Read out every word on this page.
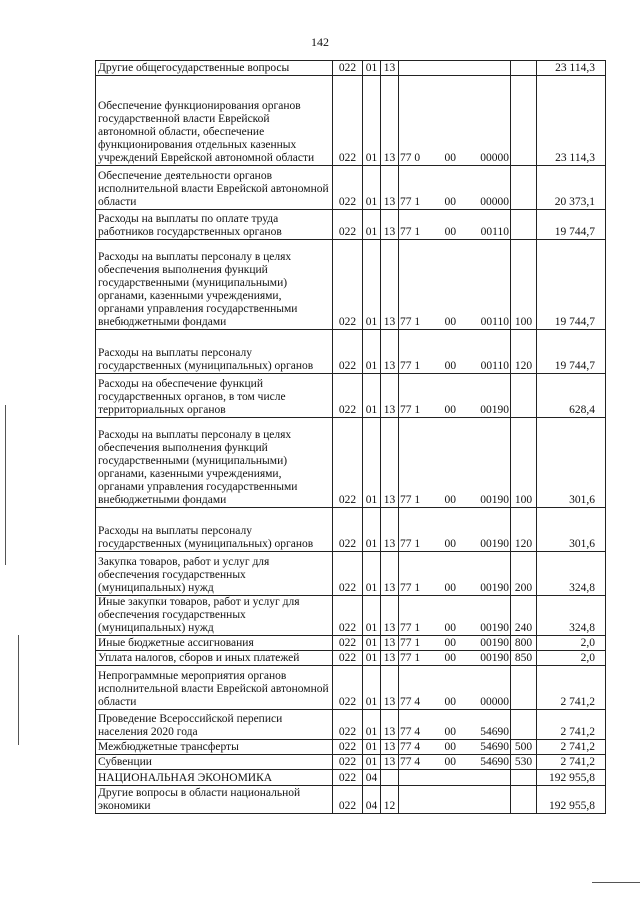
142
Другие общегосударственные вопросы	022	01	13			23 114,3
Обеспечение функционирования органов государственной власти Еврейской автономной области, обеспечение функционирования отдельных казенных учреждений Еврейской автономной области	022	01	13	77 0 00 00000		23 114,3
Обеспечение деятельности органов исполнительной власти Еврейской автономной области	022	01	13	77 1 00 00000		20 373,1
Расходы на выплаты по оплате труда работников государственных органов	022	01	13	77 1 00 00110		19 744,7
Расходы на выплаты персоналу в целях обеспечения выполнения функций государственными (муниципальными) органами, казенными учреждениями, органами управления государственными внебюджетными фондами	022	01	13	77 1 00 00110	100	19 744,7
Расходы на выплаты персоналу государственных (муниципальных) органов	022	01	13	77 1 00 00110	120	19 744,7
Расходы на обеспечение функций государственных органов, в том числе территориальных органов	022	01	13	77 1 00 00190		628,4
Расходы на выплаты персоналу в целях обеспечения выполнения функций государственными (муниципальными) органами, казенными учреждениями, органами управления государственными внебюджетными фондами	022	01	13	77 1 00 00190	100	301,6
Расходы на выплаты персоналу государственных (муниципальных) органов	022	01	13	77 1 00 00190	120	301,6
Закупка товаров, работ и услуг для обеспечения государственных (муниципальных) нужд	022	01	13	77 1 00 00190	200	324,8
Иные закупки товаров, работ и услуг для обеспечения государственных (муниципальных) нужд	022	01	13	77 1 00 00190	240	324,8
Иные бюджетные ассигнования	022	01	13	77 1 00 00190	800	2,0
Уплата налогов, сборов и иных платежей	022	01	13	77 1 00 00190	850	2,0
Непрограммные мероприятия органов исполнительной власти Еврейской автономной области	022	01	13	77 4 00 00000		2 741,2
Проведение Всероссийской переписи населения 2020 года	022	01	13	77 4 00 54690		2 741,2
Межбюджетные трансферты	022	01	13	77 4 00 54690	500	2 741,2
Субвенции	022	01	13	77 4 00 54690	530	2 741,2
НАЦИОНАЛЬНАЯ ЭКОНОМИКА	022	04				192 955,8
Другие вопросы в области национальной экономики	022	04	12			192 955,8
